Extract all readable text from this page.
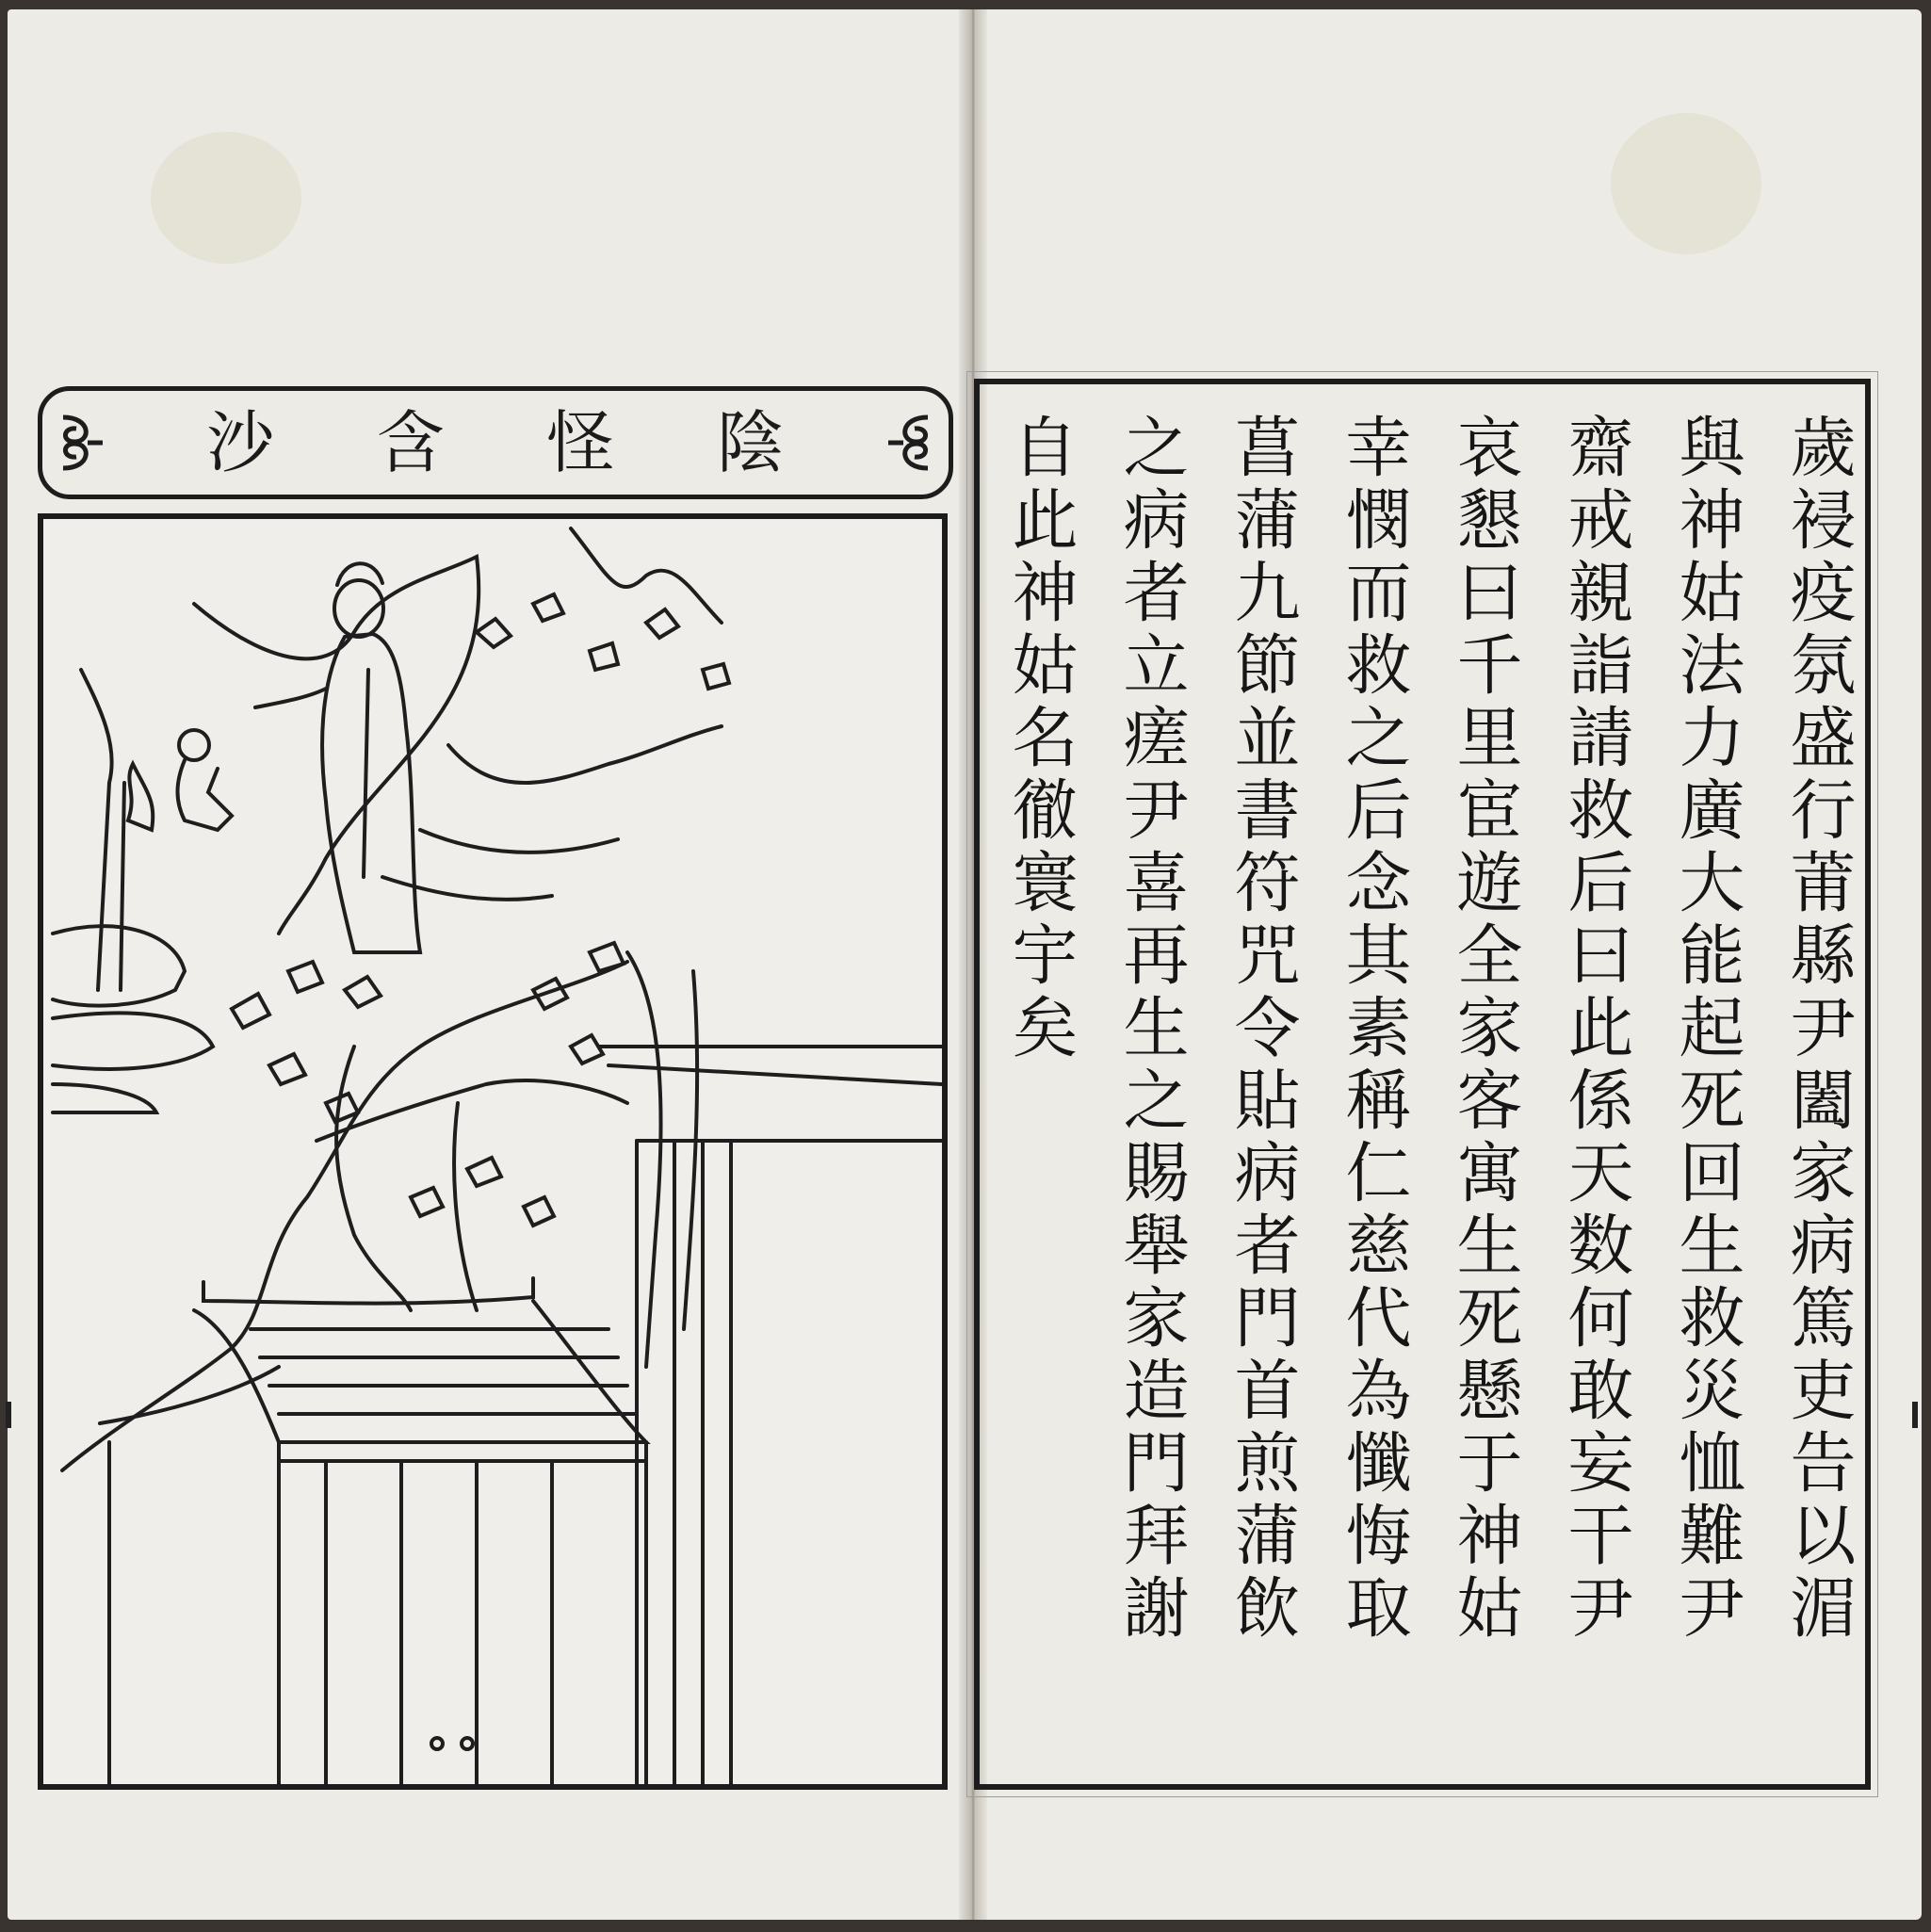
陰
怪
含
沙	歲祲疫氛盛行莆縣尹闔家病篤吏告以湄
與神姑法力廣大能起死回生救災恤難尹
齋戒親詣請救后曰此係天数何敢妄干尹
哀懇曰千里宦遊全家客寓生死懸于神姑
幸憫而救之后念其素稱仁慈代為懺悔取
菖蒲九節並書符咒令貼病者門首煎蒲飲
之病者立瘥尹喜再生之賜舉家造門拜謝
自此神姑名徹寰宇矣
